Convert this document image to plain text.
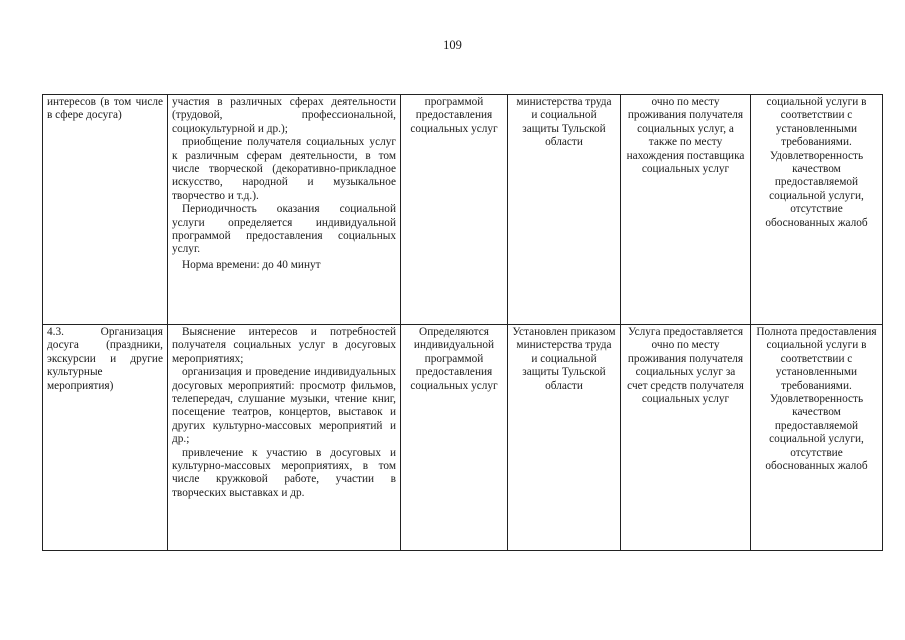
109
интересов (в том числе в сфере досуга)	участия в различных сферах деятельности (трудовой, профессиональной, социокультурной и др.);
приобщение получателя социальных услуг к различным сферам деятельности, в том числе творческой (декоративно-прикладное искусство, народной и музыкальное творчество и т.д.).
Периодичность оказания социальной услуги определяется индивидуальной программой предоставления социальных услуг.
Норма времени: до 40 минут	программой предоставления социальных услуг	министерства труда и социальной защиты Тульской области	очно по месту проживания получателя социальных услуг, а также по месту нахождения поставщика социальных услуг	социальной услуги в соответствии с установленными требованиями. Удовлетворенность качеством предоставляемой социальной услуги, отсутствие обоснованных жалоб
4.3. Организация досуга (праздники, экскурсии и другие культурные мероприятия)	Выяснение интересов и потребностей получателя социальных услуг в досуговых мероприятиях;
организация и проведение индивидуальных досуговых мероприятий: просмотр фильмов, телепередач, слушание музыки, чтение книг, посещение театров, концертов, выставок и других культурно-массовых мероприятий и др.;
привлечение к участию в досуговых и культурно-массовых мероприятиях, в том числе кружковой работе, участии в творческих выставках и др.	Определяются индивидуальной программой предоставления социальных услуг	Установлен приказом министерства труда и социальной защиты Тульской области	Услуга предоставляется очно по месту проживания получателя социальных услуг за счет средств получателя социальных услуг	Полнота предоставления социальной услуги в соответствии с установленными требованиями. Удовлетворенность качеством предоставляемой социальной услуги, отсутствие обоснованных жалоб
